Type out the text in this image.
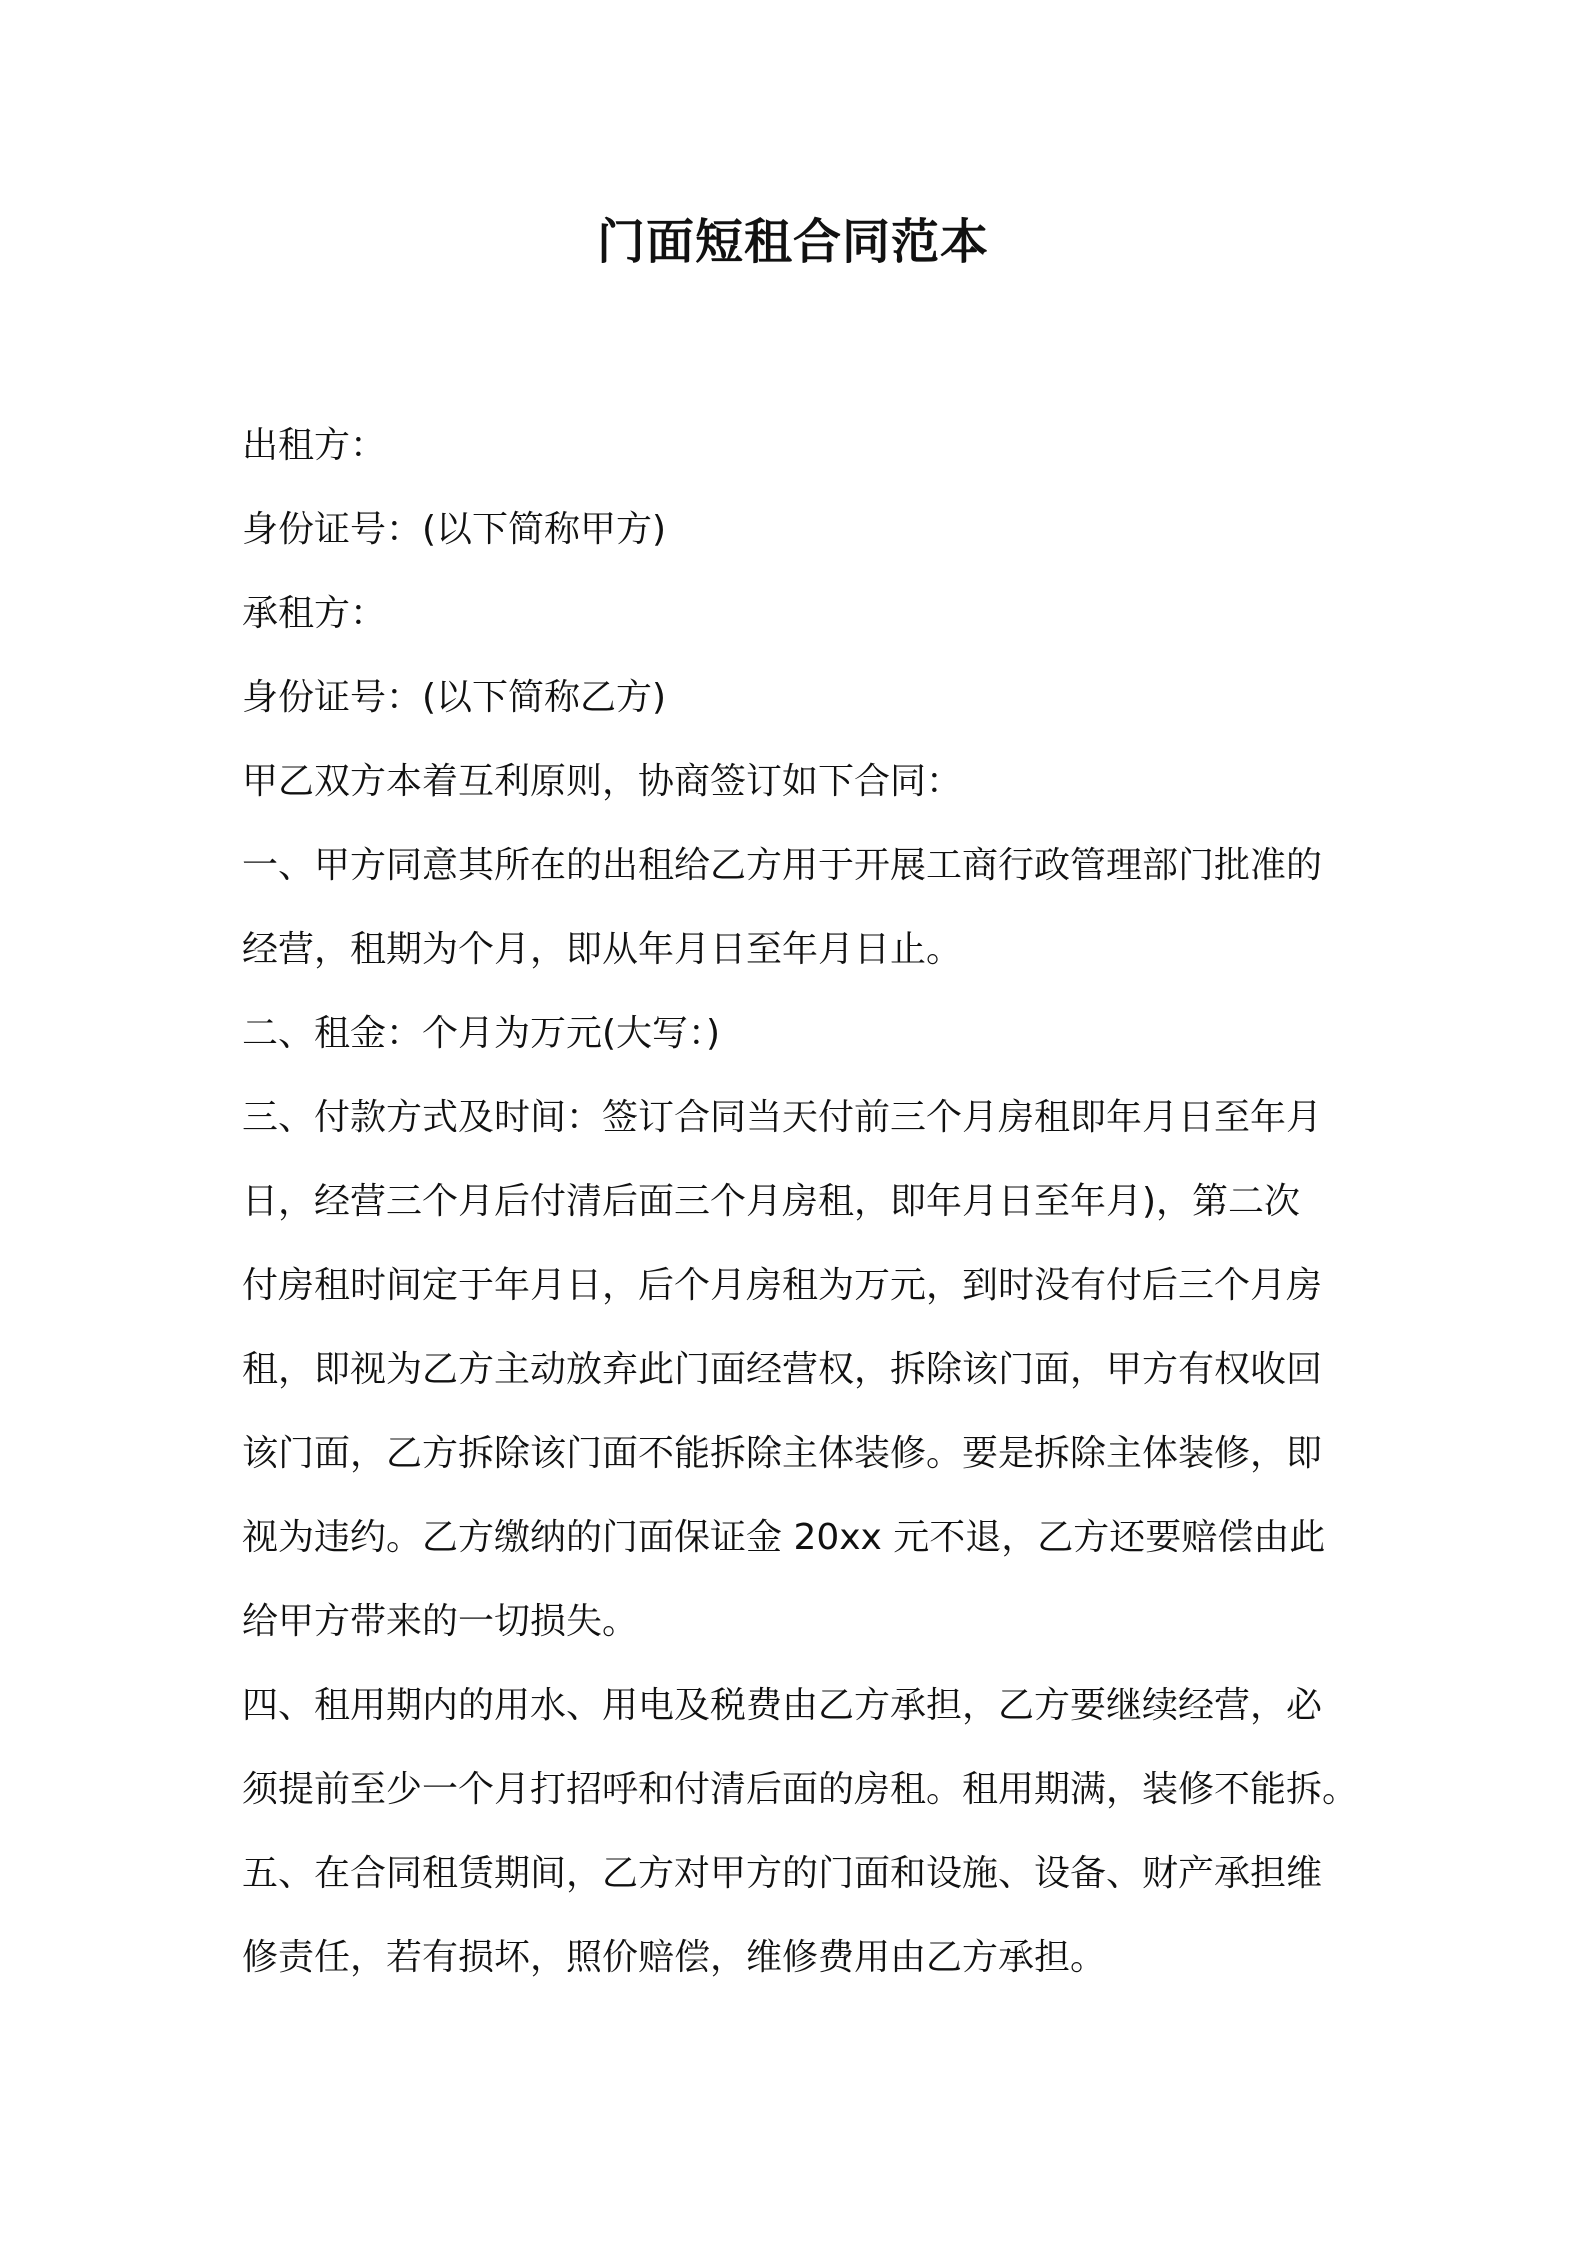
门面短租合同范本
出租方：
身份证号：(以下简称甲方)
承租方：
身份证号：(以下简称乙方)
甲乙双方本着互利原则，协商签订如下合同：
一、甲方同意其所在的出租给乙方用于开展工商行政管理部门批准的
经营，租期为个月，即从年月日至年月日止。
二、租金：个月为万元(大写：)
三、付款方式及时间：签订合同当天付前三个月房租即年月日至年月
日，经营三个月后付清后面三个月房租，即年月日至年月)，第二次
付房租时间定于年月日，后个月房租为万元，到时没有付后三个月房
租，即视为乙方主动放弃此门面经营权，拆除该门面，甲方有权收回
该门面，乙方拆除该门面不能拆除主体装修。要是拆除主体装修，即
视为违约。乙方缴纳的门面保证金 20xx 元不退，乙方还要赔偿由此
给甲方带来的一切损失。
四、租用期内的用水、用电及税费由乙方承担，乙方要继续经营，必
须提前至少一个月打招呼和付清后面的房租。租用期满，装修不能拆。
五、在合同租赁期间，乙方对甲方的门面和设施、设备、财产承担维
修责任，若有损坏，照价赔偿，维修费用由乙方承担。
